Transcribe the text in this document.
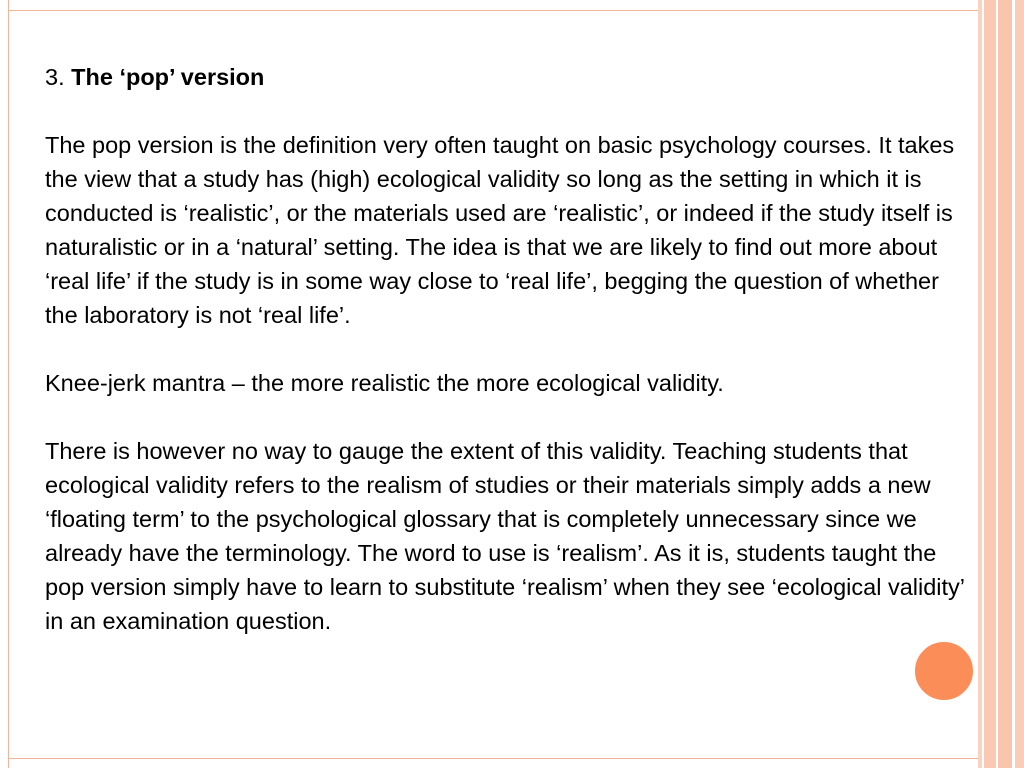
3. The ‘pop’ version

The pop version is the definition very often taught on basic psychology courses. It takes the view that a study has (high) ecological validity so long as the setting in which it is conducted is ‘realistic’, or the materials used are ‘realistic’, or indeed if the study itself is naturalistic or in a ‘natural’ setting. The idea is that we are likely to find out more about ‘real life’ if the study is in some way close to ‘real life’, begging the question of whether the laboratory is not ‘real life’.

Knee-jerk mantra – the more realistic the more ecological validity.

There is however no way to gauge the extent of this validity. Teaching students that ecological validity refers to the realism of studies or their materials simply adds a new ‘floating term’ to the psychological glossary that is completely unnecessary since we already have the terminology. The word to use is ‘realism’. As it is, students taught the pop version simply have to learn to substitute ‘realism’ when they see ‘ecological validity’ in an examination question.
